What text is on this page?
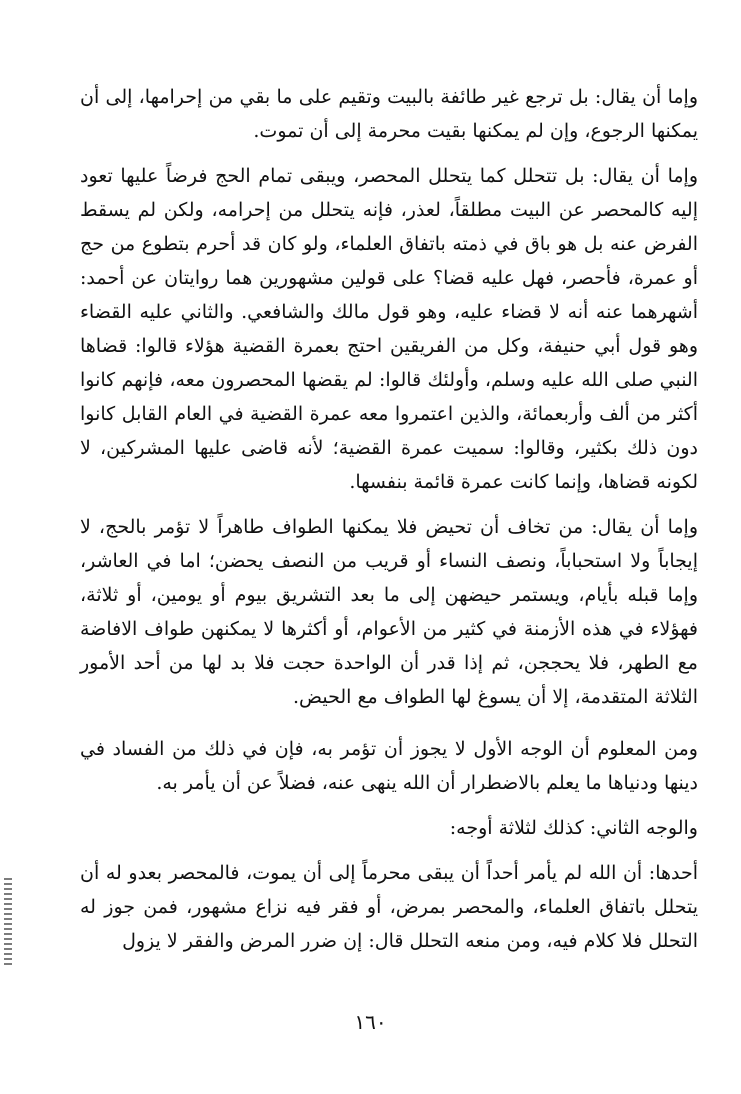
وإما أن يقال: بل ترجع غير طائفة بالبيت وتقيم على ما بقي من إحرامها، إلى أن يمكنها الرجوع، وإن لم يمكنها بقيت محرمة إلى أن تموت.

وإما أن يقال: بل تتحلل كما يتحلل المحصر، ويبقى تمام الحج فرضاً عليها تعود إليه كالمحصر عن البيت مطلقاً، لعذر، فإنه يتحلل من إحرامه، ولكن لم يسقط الفرض عنه بل هو باق في ذمته باتفاق العلماء، ولو كان قد أحرم بتطوع من حج أو عمرة، فأحصر، فهل عليه قضا؟ على قولين مشهورين هما روايتان عن أحمد: أشهرهما عنه أنه لا قضاء عليه، وهو قول مالك والشافعي. والثاني عليه القضاء وهو قول أبي حنيفة، وكل من الفريقين احتج بعمرة القضية هؤلاء قالوا: قضاها النبي صلى الله عليه وسلم، وأولئك قالوا: لم يقضها المحصرون معه، فإنهم كانوا أكثر من ألف وأربعمائة، والذين اعتمروا معه عمرة القضية في العام القابل كانوا دون ذلك بكثير، وقالوا: سميت عمرة القضية؛ لأنه قاضى عليها المشركين، لا لكونه قضاها، وإنما كانت عمرة قائمة بنفسها.

وإما أن يقال: من تخاف أن تحيض فلا يمكنها الطواف طاهراً لا تؤمر بالحج، لا إيجاباً ولا استحباباً، ونصف النساء أو قريب من النصف يحضن؛ اما في العاشر، وإما قبله بأيام، ويستمر حيضهن إلى ما بعد التشريق بيوم أو يومين، أو ثلاثة، فهؤلاء في هذه الأزمنة في كثير من الأعوام، أو أكثرها لا يمكنهن طواف الافاضة مع الطهر، فلا يحججن، ثم إذا قدر أن الواحدة حجت فلا بد لها من أحد الأمور الثلاثة المتقدمة، إلا أن يسوغ لها الطواف مع الحيض.

ومن المعلوم أن الوجه الأول لا يجوز أن تؤمر به، فإن في ذلك من الفساد في دينها ودنياها ما يعلم بالاضطرار أن الله ينهى عنه، فضلاً عن أن يأمر به.

والوجه الثاني: كذلك لثلاثة أوجه:

أحدها: أن الله لم يأمر أحداً أن يبقى محرماً إلى أن يموت، فالمحصر بعدو له أن يتحلل باتفاق العلماء، والمحصر بمرض، أو فقر فيه نزاع مشهور، فمن جوز له التحلل فلا كلام فيه، ومن منعه التحلل قال: إن ضرر المرض والفقر لا يزول

١٦٠
